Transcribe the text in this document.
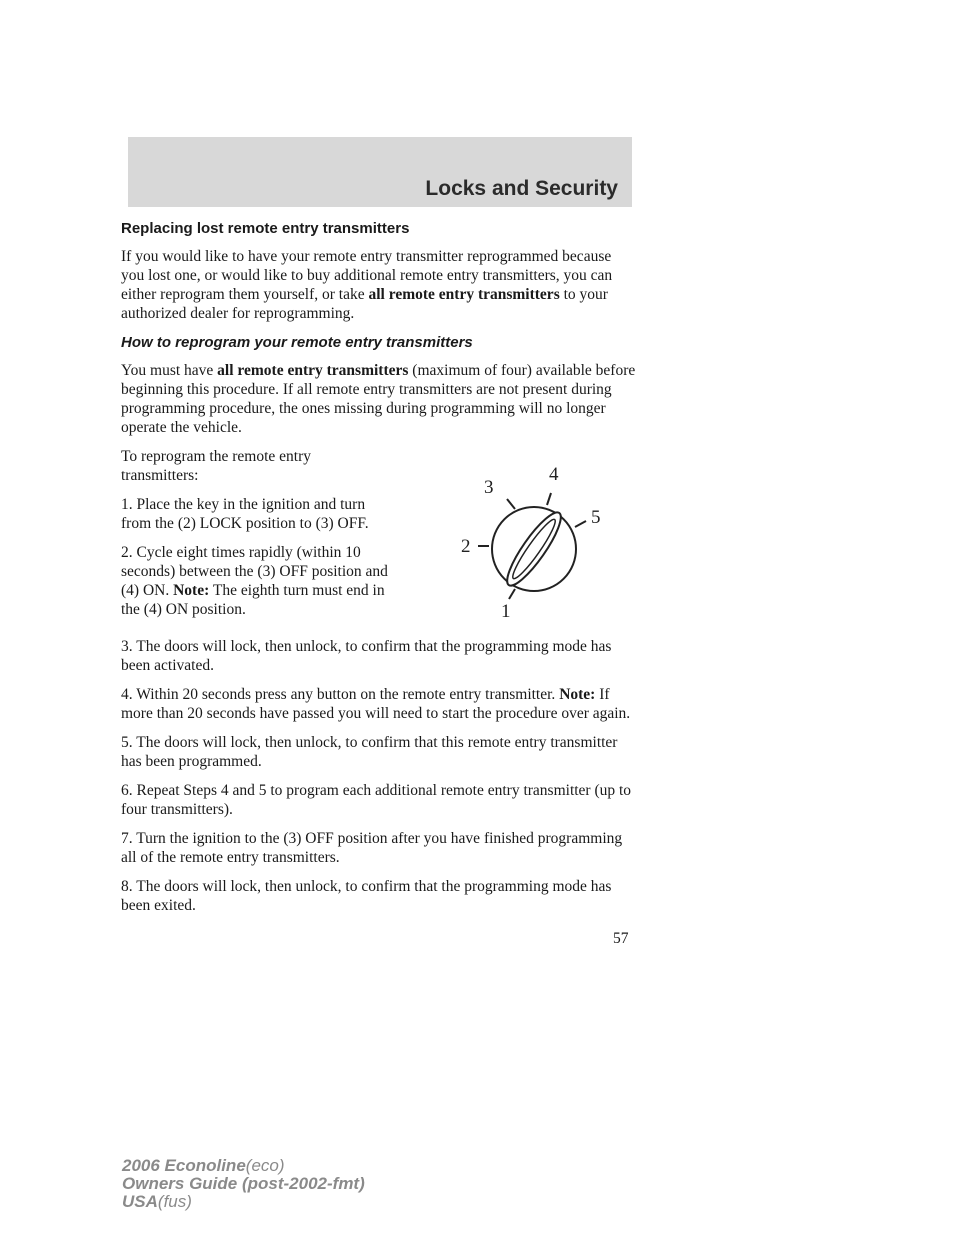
Locks and Security
Replacing lost remote entry transmitters

If you would like to have your remote entry transmitter reprogrammed because you lost one, or would like to buy additional remote entry transmitters, you can either reprogram them yourself, or take all remote entry transmitters to your authorized dealer for reprogramming.

How to reprogram your remote entry transmitters

You must have all remote entry transmitters (maximum of four) available before beginning this procedure. If all remote entry transmitters are not present during programming procedure, the ones missing during programming will no longer operate the vehicle.

To reprogram the remote entry transmitters:

1. Place the key in the ignition and turn from the (2) LOCK position to (3) OFF.

2. Cycle eight times rapidly (within 10 seconds) between the (3) OFF position and (4) ON. Note: The eighth turn must end in the (4) ON position.	1
2
3
4
5

3. The doors will lock, then unlock, to confirm that the programming mode has been activated.

4. Within 20 seconds press any button on the remote entry transmitter. Note: If more than 20 seconds have passed you will need to start the procedure over again.

5. The doors will lock, then unlock, to confirm that this remote entry transmitter has been programmed.

6. Repeat Steps 4 and 5 to program each additional remote entry transmitter (up to four transmitters).

7. Turn the ignition to the (3) OFF position after you have finished programming all of the remote entry transmitters.

8. The doors will lock, then unlock, to confirm that the programming mode has been exited.

57
2006 Econoline(eco)
Owners Guide (post-2002-fmt)
USA(fus)
